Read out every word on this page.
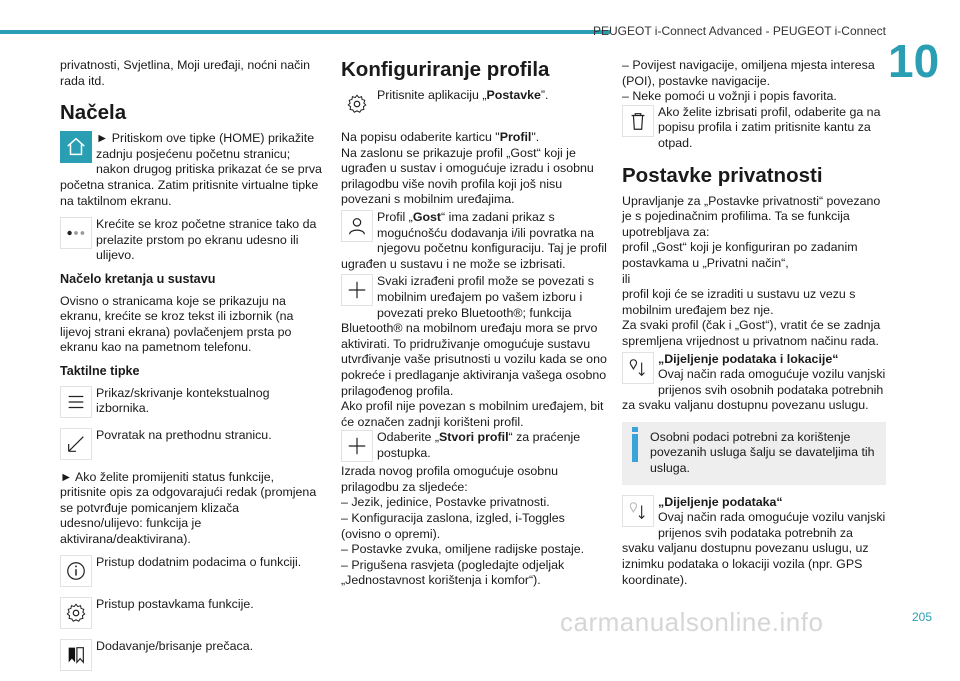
PEUGEOT i-Connect Advanced - PEUGEOT i-Connect
10

privatnosti, Svjetlina, Moji uređaji, noćni način rada itd.

Načela
► Pritiskom ove tipke (HOME) prikažite zadnju posjećenu početnu stranicu; nakon drugog pritiska prikazat će se prva početna stranica. Zatim pritisnite virtualne tipke na taktilnom ekranu.
Krećite se kroz početne stranice tako da prelazite prstom po ekranu udesno ili ulijevo.
Načelo kretanja u sustavu

Ovisno o stranicama koje se prikazuju na ekranu, krećite se kroz tekst ili izbornik (na lijevoj strani ekrana) povlačenjem prsta po ekranu kao na pametnom telefonu.

Taktilne tipke
Prikaz/skrivanje kontekstualnog izbornika.
Povratak na prethodnu stranicu.

► Ako želite promijeniti status funkcije, pritisnite opis za odgovarajući redak (promjena se potvrđuje pomicanjem klizača udesno/ulijevo: funkcija je aktivirana/deaktivirana).

Pristup dodatnim podacima o funkciji.
Pristup postavkama funkcije.
Dodavanje/brisanje prečaca.
Konfiguriranje profila
Pritisnite aplikaciju „Postavke”.

Na popisu odaberite karticu "Profil".

Na zaslonu se prikazuje profil „Gost“ koji je ugrađen u sustav i omogućuje izradu i osobnu prilagodbu više novih profila koji još nisu povezani s mobilnim uređajima.

Profil „Gost“ ima zadani prikaz s mogućnošću dodavanja i/ili povratka na njegovu početnu konfiguraciju. Taj je profil ugrađen u sustavu i ne može se izbrisati.
Svaki izrađeni profil može se povezati s mobilnim uređajem po vašem izboru i povezati preko Bluetooth®; funkcija Bluetooth® na mobilnom uređaju mora se prvo aktivirati. To pridruživanje omogućuje sustavu utvrđivanje vaše prisutnosti u vozilu kada se ono pokreće i predlaganje aktiviranja vašega osobno prilagođenog profila.

Ako profil nije povezan s mobilnim uređajem, bit će označen zadnji korišteni profil.

Odaberite „Stvori profil“ za praćenje postupka.

Izrada novog profila omogućuje osobnu prilagodbu za sljedeće:

– Jezik, jedinice, Postavke privatnosti.
– Konfiguracija zaslona, izgled, i-Toggles (ovisno o opremi).
– Postavke zvuka, omiljene radijske postaje.
– Prigušena rasvjeta (pogledajte odjeljak „Jednostavnost korištenja i komfor“).
– Povijest navigacije, omiljena mjesta interesa (POI), postavke navigacije.
– Neke pomoći u vožnji i popis favorita.
Ako želite izbrisati profil, odaberite ga na popisu profila i zatim pritisnite kantu za otpad.
Postavke privatnosti
Upravljanje za „Postavke privatnosti“ povezano je s pojedinačnim profilima. Ta se funkcija upotrebljava za:
profil „Gost“ koji je konfiguriran po zadanim postavkama u „Privatni način“,
ili
profil koji će se izraditi u sustavu uz vezu s mobilnim uređajem bez nje.
Za svaki profil (čak i „Gost“), vratit će se zadnja spremljena vrijednost u privatnom načinu rada.
„Dijeljenje podataka i lokacije“
Ovaj način rada omogućuje vozilu vanjski prijenos svih osobnih podataka potrebnih za svaku valjanu dostupnu povezanu uslugu.
Osobni podaci potrebni za korištenje povezanih usluga šalju se davateljima tih usluga.
„Dijeljenje podataka“
Ovaj način rada omogućuje vozilu vanjski prijenos svih podataka potrebnih za svaku valjanu dostupnu povezanu uslugu, uz iznimku podataka o lokaciji vozila (npr. GPS koordinate).
carmanualsonline.info	205
